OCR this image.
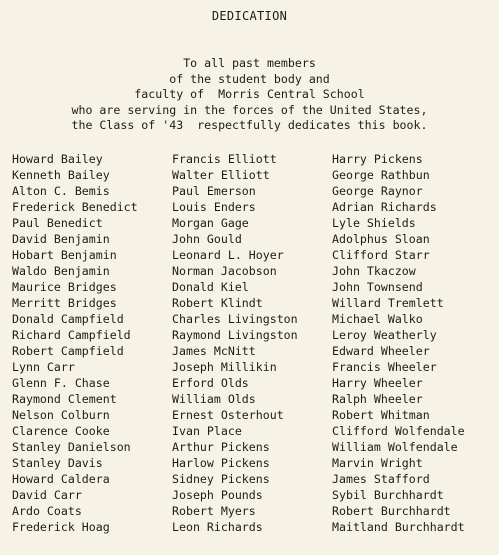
DEDICATION
To all past members
of the student body and
faculty of  Morris Central School
who are serving in the forces of the United States,
the Class of '43  respectfully dedicates this book.
Howard Bailey
Kenneth Bailey
Alton C. Bemis
Frederick Benedict
Paul Benedict
David Benjamin
Hobart Benjamin
Waldo Benjamin
Maurice Bridges
Merritt Bridges
Donald Campfield
Richard Campfield
Robert Campfield
Lynn Carr
Glenn F. Chase
Raymond Clement
Nelson Colburn
Clarence Cooke
Stanley Danielson
Stanley Davis
Howard Caldera
David Carr
Ardo Coats
Frederick Hoag
Francis Elliott
Walter Elliott
Paul Emerson
Louis Enders
Morgan Gage
John Gould
Leonard L. Hoyer
Norman Jacobson
Donald Kiel
Robert Klindt
Charles Livingston
Raymond Livingston
James McNitt
Joseph Millikin
Erford Olds
William Olds
Ernest Osterhout
Ivan Place
Arthur Pickens
Harlow Pickens
Sidney Pickens
Joseph Pounds
Robert Myers
Leon Richards
Harry Pickens
George Rathbun
George Raynor
Adrian Richards
Lyle Shields
Adolphus Sloan
Clifford Starr
John Tkaczow
John Townsend
Willard Tremlett
Michael Walko
Leroy Weatherly
Edward Wheeler
Francis Wheeler
Harry Wheeler
Ralph Wheeler
Robert Whitman
Clifford Wolfendale
William Wolfendale
Marvin Wright
James Stafford
Sybil Burchhardt
Robert Burchhardt
Maitland Burchhardt
